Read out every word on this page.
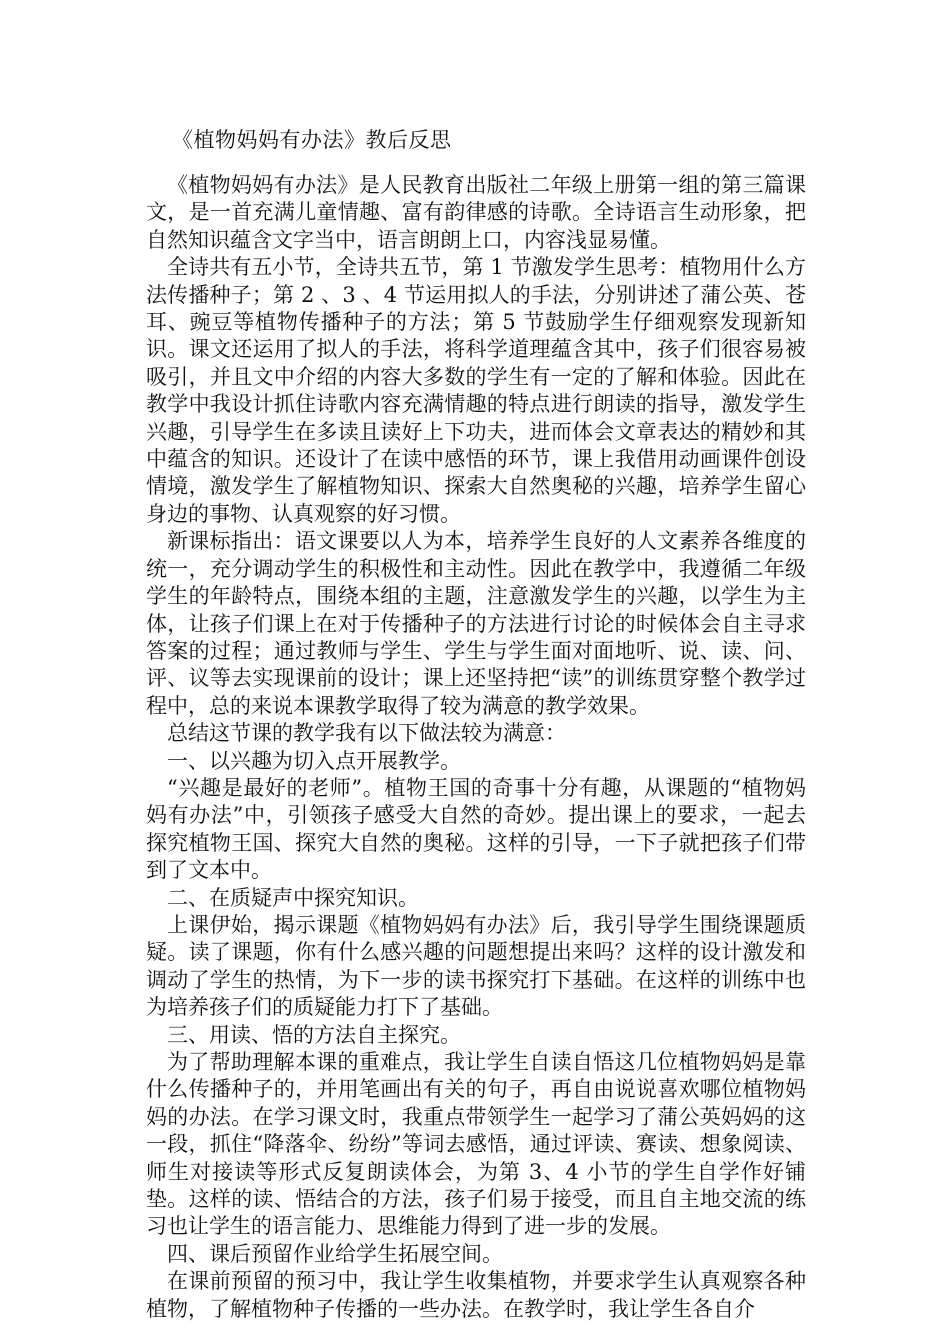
《植物妈妈有办法》教后反思

《植物妈妈有办法》是人民教育出版社二年级上册第一组的第三篇课文，是一首充满儿童情趣、富有韵律感的诗歌。全诗语言生动形象，把自然知识蕴含文字当中，语言朗朗上口，内容浅显易懂。

全诗共有五小节，全诗共五节，第 1 节激发学生思考：植物用什么方法传播种子；第 2 、3 、4 节运用拟人的手法，分别讲述了蒲公英、苍耳、豌豆等植物传播种子的方法；第 5 节鼓励学生仔细观察发现新知识。课文还运用了拟人的手法，将科学道理蕴含其中，孩子们很容易被吸引，并且文中介绍的内容大多数的学生有一定的了解和体验。因此在教学中我设计抓住诗歌内容充满情趣的特点进行朗读的指导，激发学生兴趣，引导学生在多读且读好上下功夫，进而体会文章表达的精妙和其中蕴含的知识。还设计了在读中感悟的环节，课上我借用动画课件创设情境，激发学生了解植物知识、探索大自然奥秘的兴趣，培养学生留心身边的事物、认真观察的好习惯。

新课标指出：语文课要以人为本，培养学生良好的人文素养各维度的统一，充分调动学生的积极性和主动性。因此在教学中，我遵循二年级学生的年龄特点，围绕本组的主题，注意激发学生的兴趣，以学生为主体，让孩子们课上在对于传播种子的方法进行讨论的时候体会自主寻求答案的过程；通过教师与学生、学生与学生面对面地听、说、读、问、评、议等去实现课前的设计；课上还坚持把“读”的训练贯穿整个教学过程中，总的来说本课教学取得了较为满意的教学效果。

总结这节课的教学我有以下做法较为满意：

一、以兴趣为切入点开展教学。

“兴趣是最好的老师”。植物王国的奇事十分有趣，从课题的“植物妈妈有办法”中，引领孩子感受大自然的奇妙。提出课上的要求，一起去探究植物王国、探究大自然的奥秘。这样的引导，一下子就把孩子们带到了文本中。

二、在质疑声中探究知识。

上课伊始，揭示课题《植物妈妈有办法》后，我引导学生围绕课题质疑。读了课题，你有什么感兴趣的问题想提出来吗？这样的设计激发和调动了学生的热情，为下一步的读书探究打下基础。在这样的训练中也为培养孩子们的质疑能力打下了基础。

三、用读、悟的方法自主探究。

为了帮助理解本课的重难点，我让学生自读自悟这几位植物妈妈是靠什么传播种子的，并用笔画出有关的句子，再自由说说喜欢哪位植物妈妈的办法。在学习课文时，我重点带领学生一起学习了蒲公英妈妈的这一段，抓住“降落伞、纷纷”等词去感悟，通过评读、赛读、想象阅读、师生对接读等形式反复朗读体会，为第 3、4 小节的学生自学作好铺垫。这样的读、悟结合的方法，孩子们易于接受，而且自主地交流的练习也让学生的语言能力、思维能力得到了进一步的发展。

四、课后预留作业给学生拓展空间。

在课前预留的预习中，我让学生收集植物，并要求学生认真观察各种植物，了解植物种子传播的一些办法。在教学时，我让学生各自介
